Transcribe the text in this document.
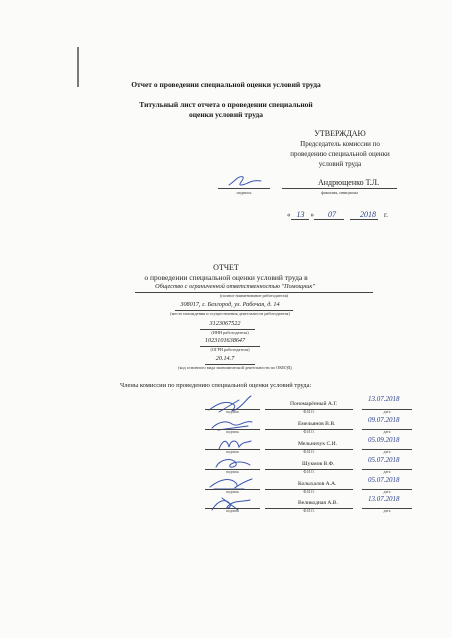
Отчет о проведении специальной оценки условий труда
Титульный лист отчета о проведении специальной
оценки условий труда
УТВЕРЖДАЮ
Председатель комиссии по
проведению специальной оценки
условий труда
подпись
Андрющенко Т.Л.
фамилия, инициалы
« 13 » 07	2018 г.
ОТЧЕТ
о проведении специальной оценки условий труда в
Общество с ограниченной ответственностью "Помощник"
(полное наименование работодателя)
308017, г. Белгород, ул. Рабочая, д. 14
(место нахождения и осуществления деятельности работодателя)
3123067522
(ИНН работодателя)
1023101638647
(ОГРН работодателя)
20.14.7
(код основного вида экономической деятельности по ОКВЭД)
Члены комиссии по проведению специальной оценки условий труда:
Пономарённый А.Г.
13.07.2018
подпись	Ф.И.О.	дата
Емельянов В.В.	09.07.2018
подпись	Ф.И.О.	дата
Мельничук С.И.	05.09.2018
подпись	Ф.И.О.	дата
Шукмов В.Ф.	05.07.2018
подпись	Ф.И.О.	дата
Колыхалов А.А.	05.07.2018
подпись	Ф.И.О.	дата
Великодная А.В.	13.07.2018
подпись	Ф.И.О.	дата
